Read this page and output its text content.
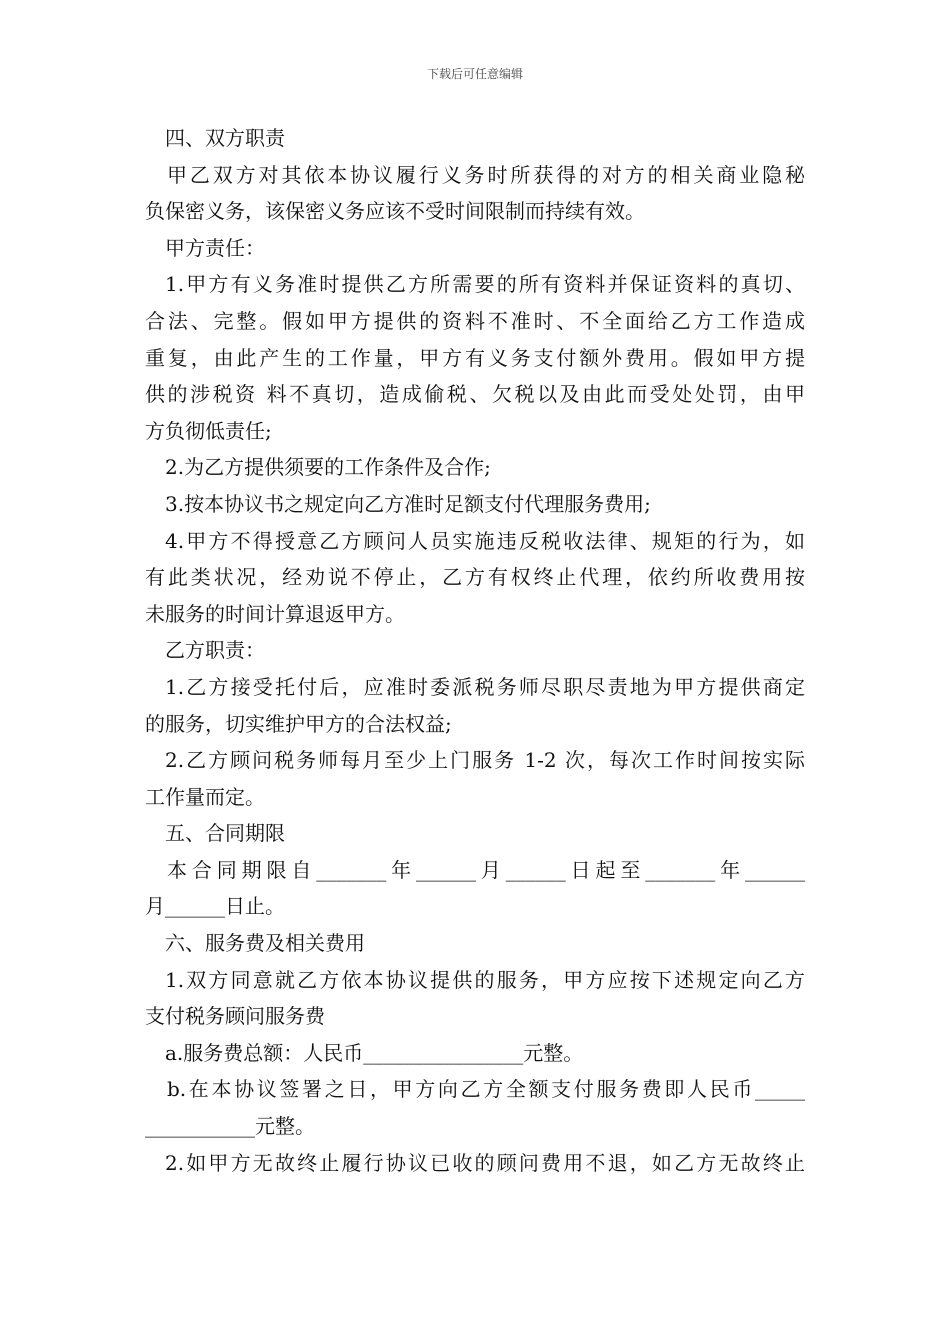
下载后可任意编辑
四、双方职责
甲乙双方对其依本协议履行义务时所获得的对方的相关商业隐秘
负保密义务，该保密义务应该不受时间限制而持续有效。
甲方责任：
1.甲方有义务准时提供乙方所需要的所有资料并保证资料的真切、
合法、完整。假如甲方提供的资料不准时、不全面给乙方工作造成
重复，由此产生的工作量，甲方有义务支付额外费用。假如甲方提
供的涉税资 料不真切，造成偷税、欠税以及由此而受处处罚，由甲
方负彻低责任;
2.为乙方提供须要的工作条件及合作;
3.按本协议书之规定向乙方准时足额支付代理服务费用;
4.甲方不得授意乙方顾问人员实施违反税收法律、规矩的行为，如
有此类状况，经劝说不停止，乙方有权终止代理，依约所收费用按
未服务的时间计算退返甲方。
乙方职责：
1.乙方接受托付后，应准时委派税务师尽职尽责地为甲方提供商定
的服务，切实维护甲方的合法权益;
2.乙方顾问税务师每月至少上门服务 1-2 次，每次工作时间按实际
工作量而定。
五、合同期限
本合同期限自_______年______月______日起至_______年______
月______日止。
六、服务费及相关费用
1.双方同意就乙方依本协议提供的服务，甲方应按下述规定向乙方
支付税务顾问服务费
a.服务费总额：人民币________________元整。
b.在本协议签署之日，甲方向乙方全额支付服务费即人民币_____
___________元整。
2.如甲方无故终止履行协议已收的顾问费用不退，如乙方无故终止
